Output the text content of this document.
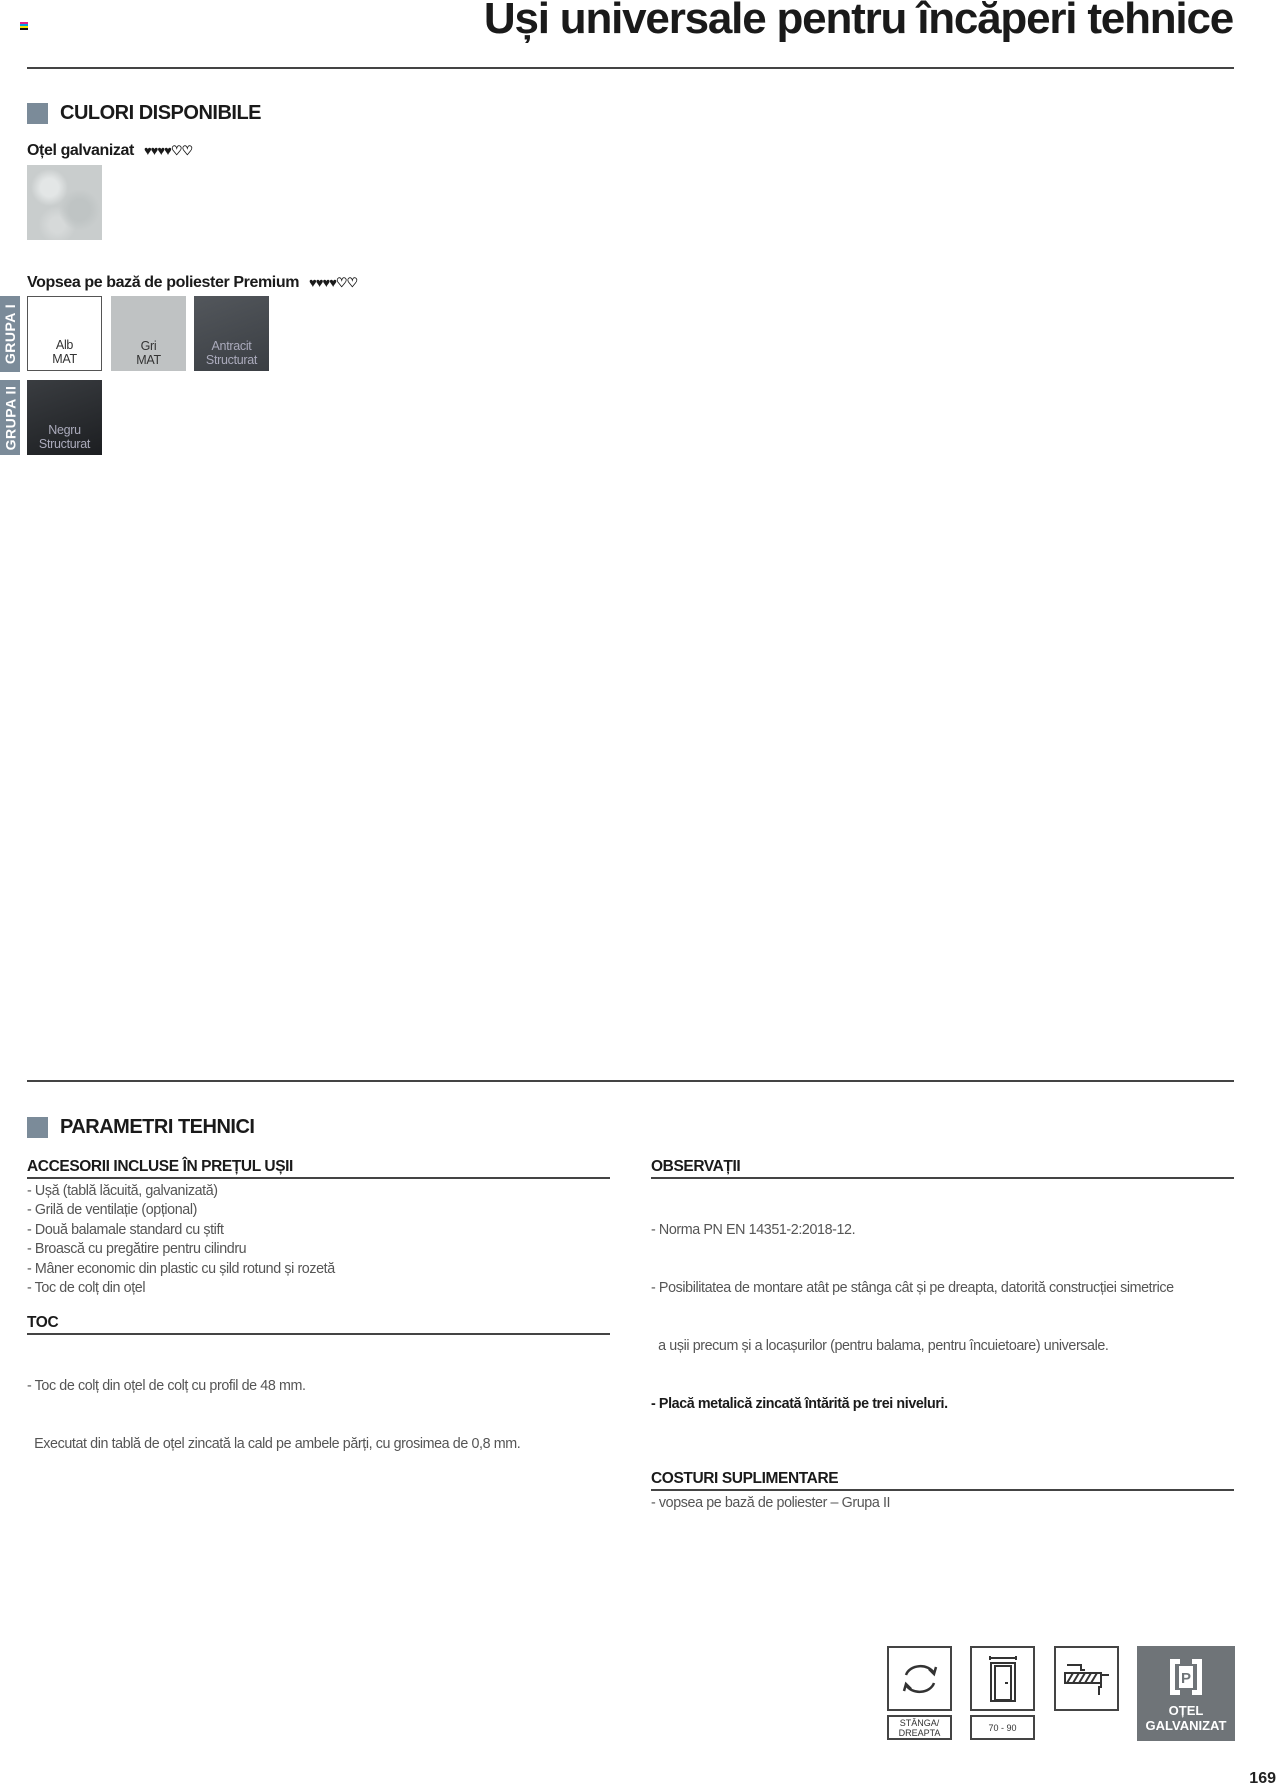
Uși universale pentru încăperi tehnice
CULORI DISPONIBILE
Oțel galvanizat ♥♥♥♥♡♡
Vopsea pe bază de poliester Premium ♥♥♥♥♡♡
GRUPA I
GRUPA II
Alb
MAT
Gri
MAT
Antracit
Structurat
Negru
Structurat
PARAMETRI TEHNICI
ACCESORII INCLUSE ÎN PREȚUL UȘII
- Ușă (tablă lăcuită, galvanizată)
- Grilă de ventilație (opțional)
- Două balamale standard cu știft
- Broască cu pregătire pentru cilindru
- Mâner economic din plastic cu șild rotund și rozetă
- Toc de colț din oțel
TOC

- Toc de colț din oțel de colț cu profil de 48 mm.

Executat din tablă de oțel zincată la cald pe ambele părți, cu grosimea de 0,8 mm.

OBSERVAȚII

- Norma PN EN 14351-2:2018-12.

- Posibilitatea de montare atât pe stânga cât și pe dreapta, datorită construcției simetrice

a ușii precum și a locașurilor (pentru balama, pentru încuietoare) universale.

- Placă metalică zincată întărită pe trei niveluri.

COSTURI SUPLIMENTARE
- vopsea pe bază de poliester – Grupa II
STÂNGA/
DREAPTA	70 - 90
P
OȚEL
GALVANIZAT
169
